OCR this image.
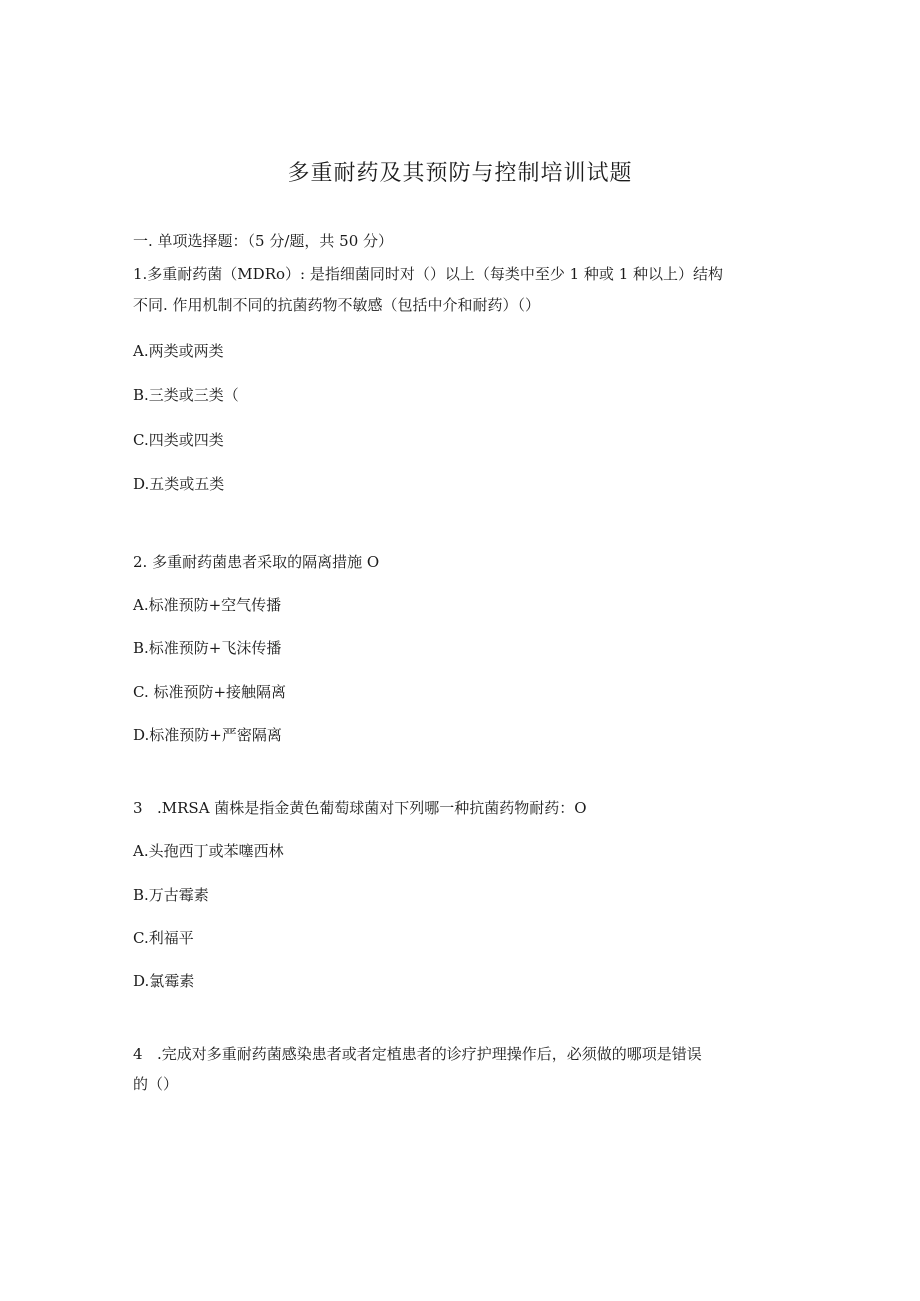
多重耐药及其预防与控制培训试题
一. 单项选择题：（5 分/题，共 50 分）
1.多重耐药菌（MDRo）: 是指细菌同时对（）以上（每类中至少 1 种或 1 种以上）结构
不同. 作用机制不同的抗菌药物不敏感（包括中介和耐药）（）
A.两类或两类
B.三类或三类（
C.四类或四类
D.五类或五类
2. 多重耐药菌患者采取的隔离措施 O
A.标准预防+空气传播
B.标准预防+飞沫传播
C. 标准预防+接触隔离
D.标准预防+严密隔离
3 .MRSA 菌株是指金黄色葡萄球菌对下列哪一种抗菌药物耐药：O
A.头孢西丁或苯噻西林
B.万古霉素
C.利福平
D.氯霉素
4 .完成对多重耐药菌感染患者或者定植患者的诊疗护理操作后，必须做的哪项是错误
的（）
